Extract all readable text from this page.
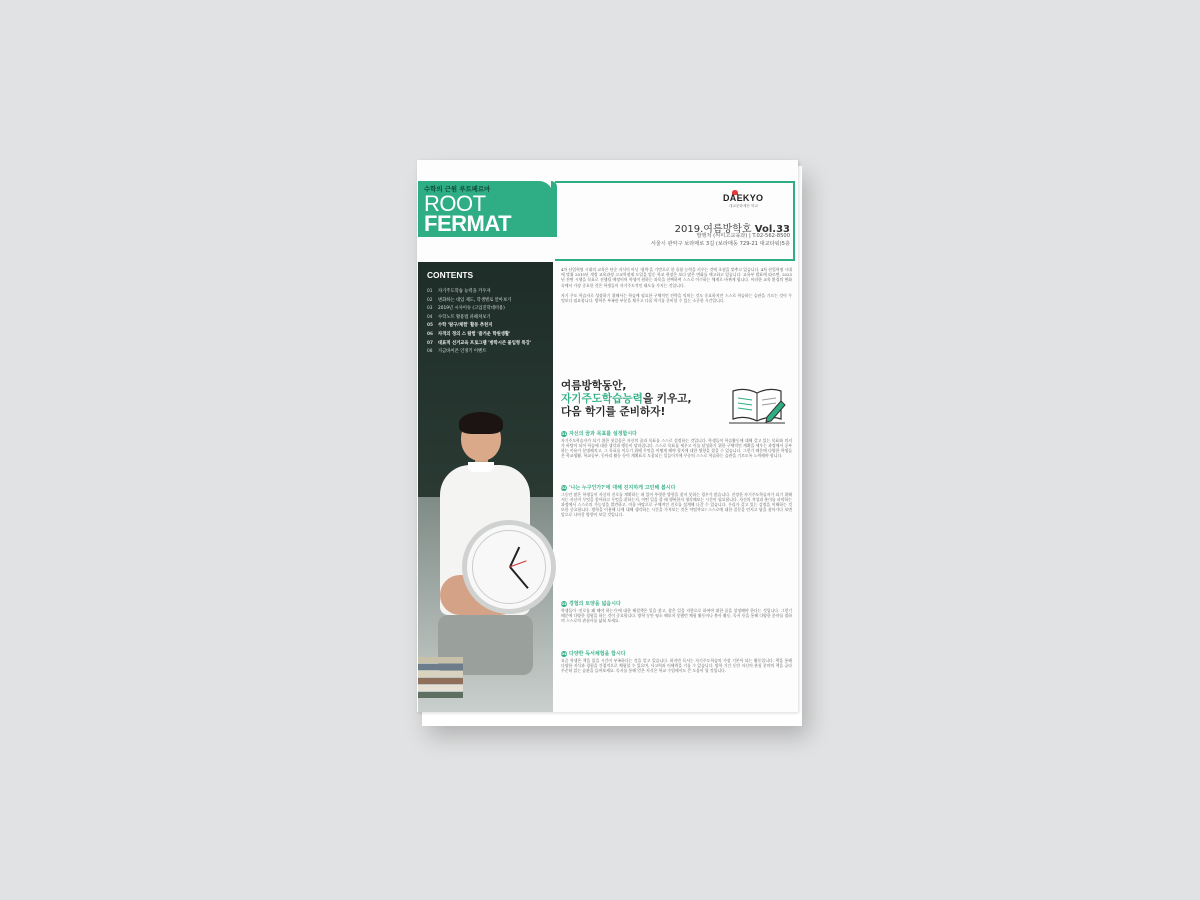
수학의 근원 루트페르마
ROOT
FERMAT
DAEKYO
대교문화재단 학교
2019.여름방학호 Vol.33
발행처 (씨미고교육과) | T.02-562-8500
서울시 관악구 보라매로 3길 (보라매동 729-21 대교타워)5층
CONTENTS
01 자기주도학습 능력을 키우자
02 변화하는 대입 제도, 학생별로 알아보기
03 2019년 시사이슈 (고입진학대비용)
04 수학노트 활용법 파헤쳐보기
05 수학 '탐구/체험' 활동 추천지
06 자격의 정의 스 탐험 '즐거운 학원생활'
07 대표적 선거교육 프로그램 '방학시즌 몰입형 특강'
08 지금바이폰 인정키 이벤트

4차 산업혁명 시대의 교육은 단순 지식이 아닌 '협력'을 기반으로 한 융합 능력을 키우는 것에 초점을 맞추고 있습니다. 4차 산업혁명 시대에 맞춰 2015년 개정 교육과정 고교학점제 도입을 앞둔 학교 현장은 보다 많은 변화를 예고하고 있습니다. 교육부 발표에 따르면, 2025년 전면 시행을 목표로 진행될 예정이며 학생이 원하는 과목을 선택하여 스스로 이수하는 체계로 바뀌게 됩니다. 이러한 교육 환경의 변화 속에서 가장 중요한 것은 학생들이 자기주도적인 태도를 가지는 것입니다.

자기 주도 학습자로 성장하기 위해서는 학습에 필요한 구체적인 전략을 익히는 것도 중요하지만 스스로 학습하는 습관을 기르는 것이 무엇보다 필요합니다. 방학은 부족한 부분을 채우고 다음 학기를 준비할 수 있는 소중한 시간입니다.

여름방학동안,
자기주도학습능력을 키우고,
다음 학기를 준비하자!
01 자신의 꿈과 목표를 설정합시다
자기주도학습자가 되기 위한 첫걸음은 자신의 꿈과 목표를 스스로 설정하는 것입니다. 학생들이 학습활동에 대해 갖고 있는 목표와 의지가 바탕이 되어 학습에 대한 생각과 행동이 달라집니다. 스스로 목표를 세우고 이를 달성하기 위한 구체적인 계획을 세우는 과정에서 공부하는 이유가 분명해지고, 그 목표를 이루기 위해 무엇을 어떻게 해야 할지에 대한 방향을 잡을 수 있습니다. 그렇기 때문에 다양한 학생들은 학교생활, 학교공부, 동아리 활동 등이 계획표로 도움되는 일들이기에 꾸준히 스스로 학습하는 습관을 기르도록 노력해야 합니다.
02 '나는 누구인가?'에 대해 진지하게 고민해 봅시다
그동안 많은 학생들이 자신의 진로를 계획하는 데 있어 뚜렷한 방향을 찾지 못하는 경우가 많습니다. 진정한 자기주도학습자가 되기 위해서는 자신이 무엇을 좋아하고 무엇을 잘하는지, 어떤 일을 할 때 행복한지 생각해보는 시간이 필요합니다. 자신의 적성과 흥미를 파악하는 과정에서 스스로의 가능성을 발견하고, 이를 바탕으로 구체적인 진로를 설계해 나갈 수 있습니다. 우리가 갖고 있는 감정을 이해하는 것 또한 중요합니다. 방학을 이용해 나에 대해 생각하는 시간을 가져보는 것은 어떨까요? 스스로에 대한 질문을 던지고 답을 찾아가다 보면 앞으로 나아갈 방향이 보일 것입니다.
03 경험의 토양을 넓읍시다
학생들이 '진로를 왜 해야 하는가'에 대한 해결책은 일을 찾고, 찾은 일을 지향으로 하여야 대한 꿈을 설정해야 한다는 것입니다. 그렇기 때문에 다양한 경험을 하는 것이 중요합니다. 방학 동안 평소 해보지 못했던 체험 활동이나 봉사 활동, 독서 등을 통해 다양한 분야를 접하며 스스로의 관심사를 넓혀 보세요.
04 다양한 독서체험을 합시다
요즘 학생은 책을 읽을 시간이 부족하다는 것을 알고 있습니다. 하지만 독서는 자기주도학습의 가장 기본이 되는 활동입니다. 책을 통해 다양한 지식과 경험을 간접적으로 체험할 수 있으며, 사고력과 이해력을 기를 수 있습니다. 방학 기간 동안 자신의 관심 분야의 책을 골라 꾸준히 읽는 습관을 들여보세요. 독서를 통해 얻은 지식은 학교 수업에서도 큰 도움이 될 것입니다.
